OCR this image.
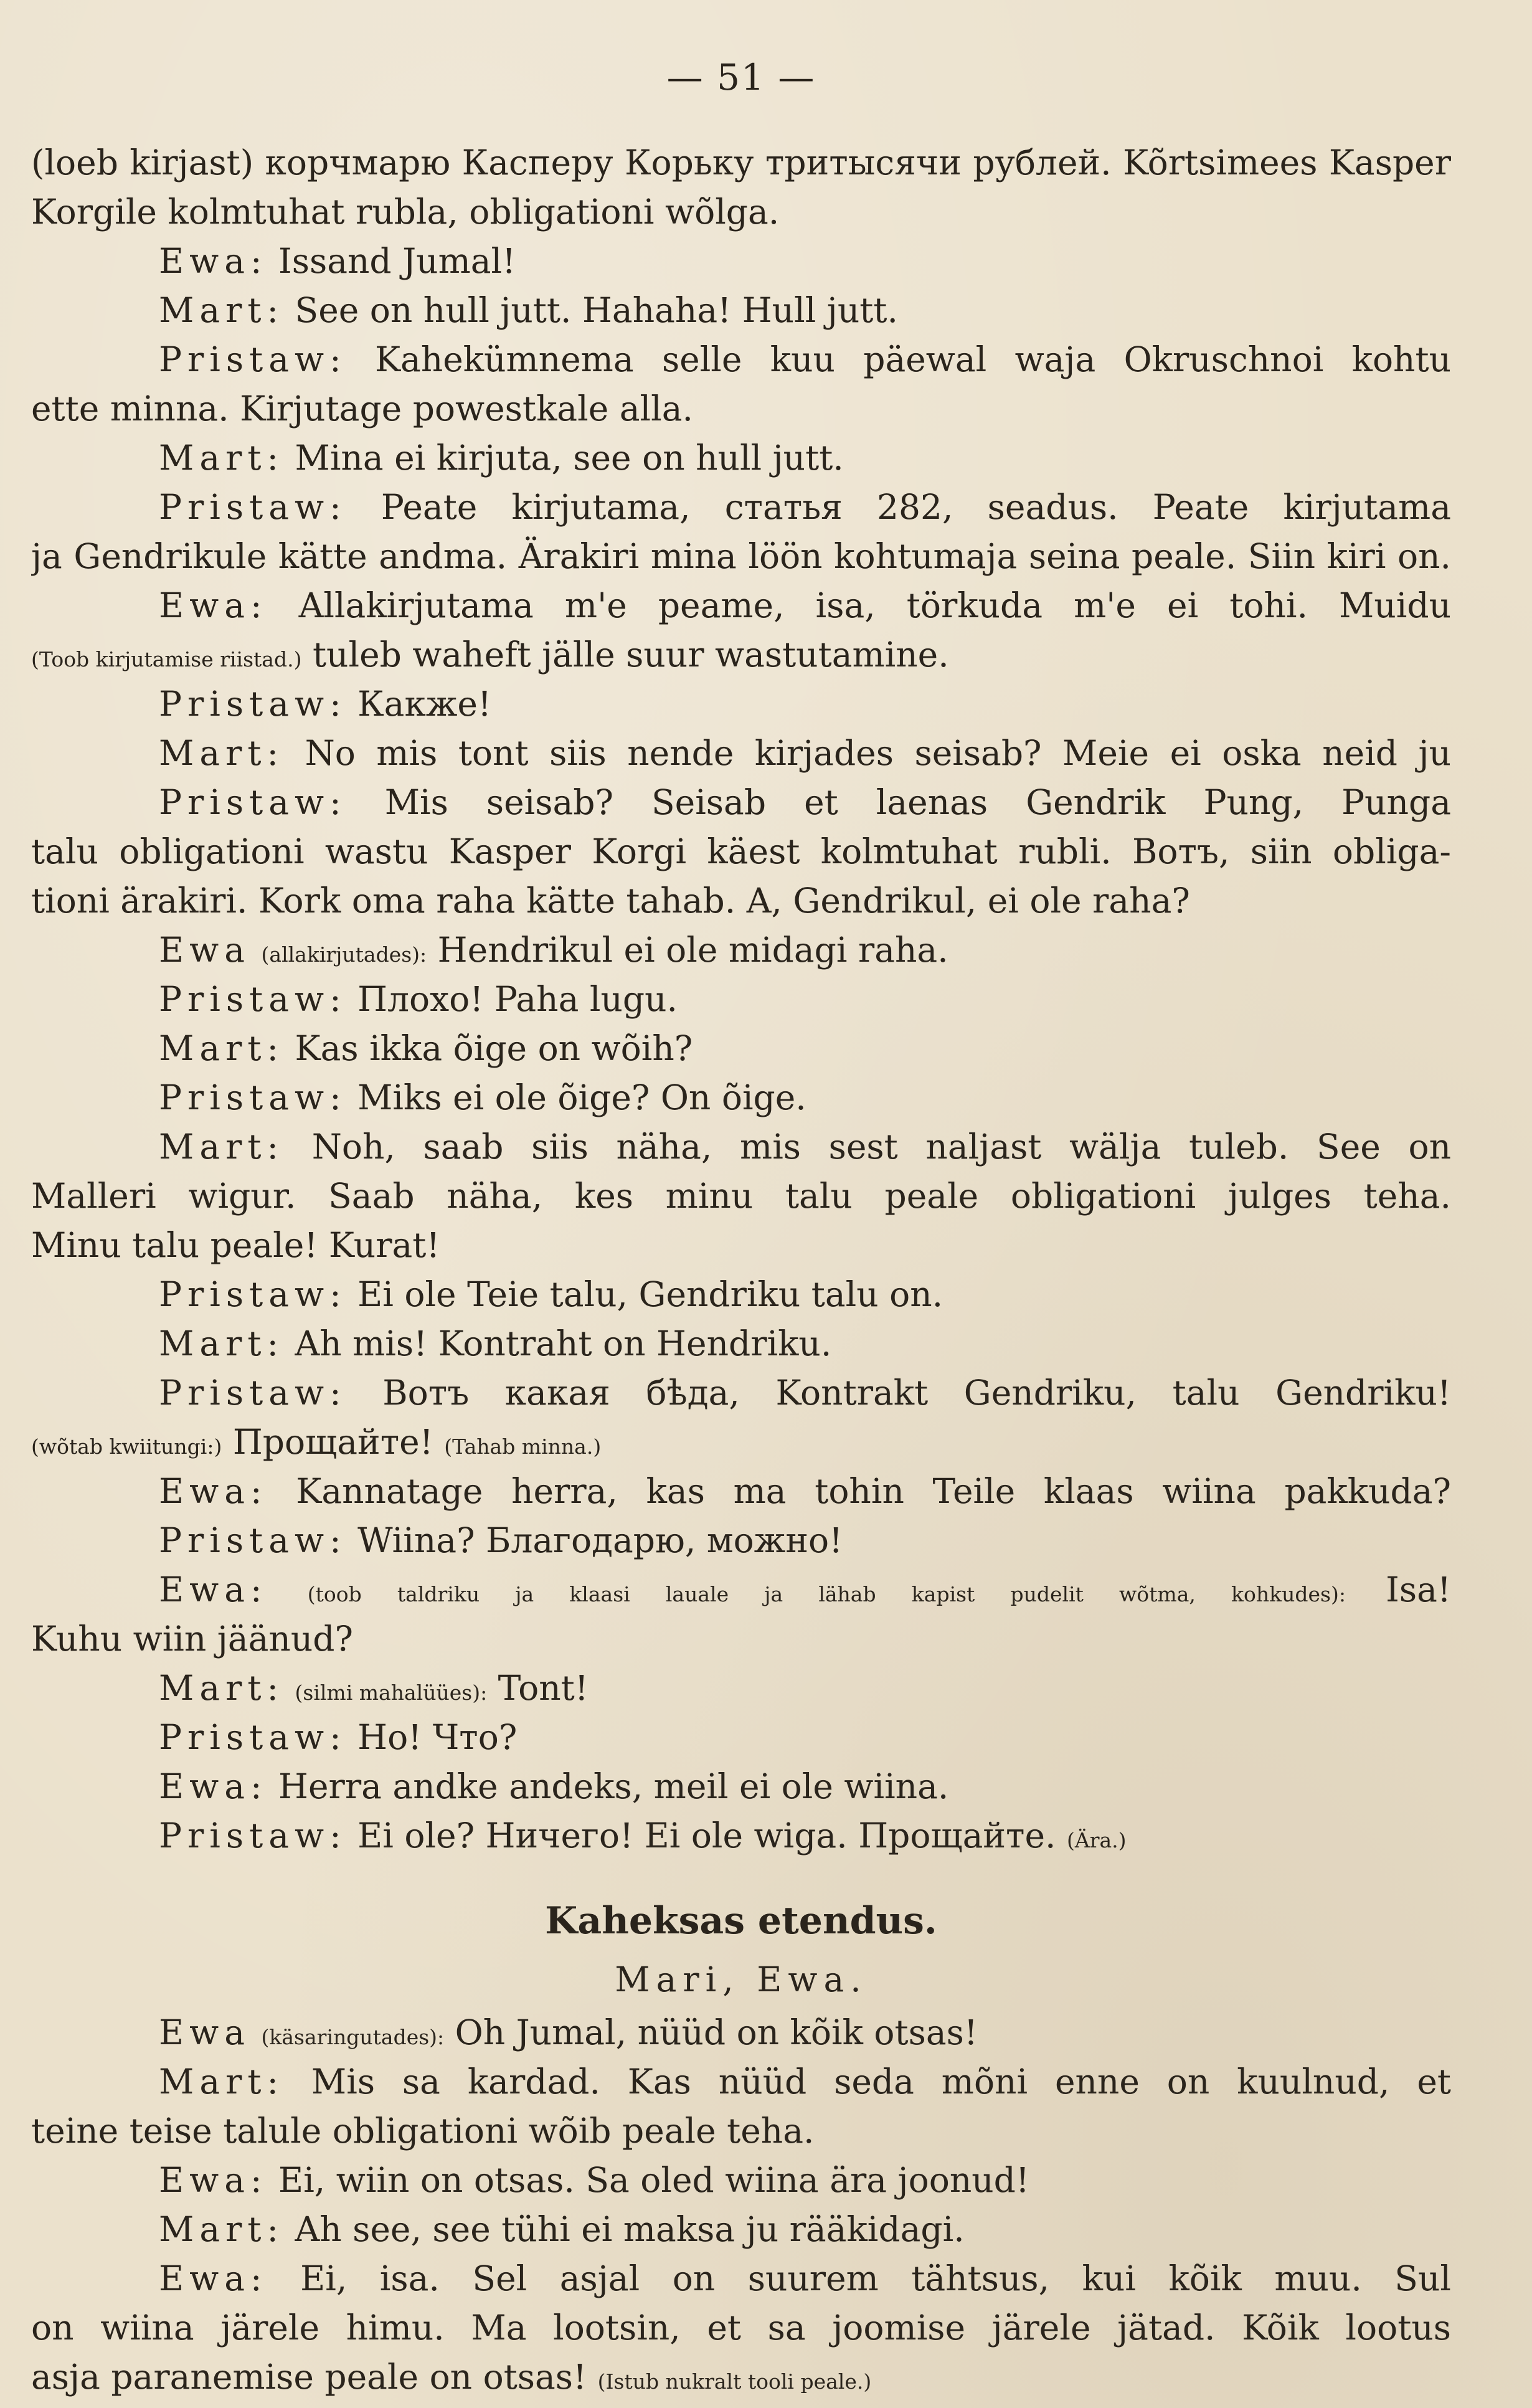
— 51 —
(loeb kirjast) корчмарю Касперу Корьку тритысячи рублей. Kõrtsimees Kasper
Korgile kolmtuhat rubla, obligationi wõlga.
Ewa: Issand Jumal!
Mart: See on hull jutt. Hahaha! Hull jutt.
Pristaw: Kahekümnema selle kuu päewal waja Okruschnoi kohtu
ette minna. Kirjutage powestkale alla.
Mart: Mina ei kirjuta, see on hull jutt.
Pristaw: Peate kirjutama, статья 282, seadus. Peate kirjutama
ja Gendrikule kätte andma. Ärakiri mina löön kohtumaja seina peale. Siin kiri on.
Ewa: Allakirjutama m'e peame, isa, törkuda m'e ei tohi. Muidu
(Toob kirjutamise riistad.) tuleb waheft jälle suur wastutamine.
Pristaw: Какже!
Mart: No mis tont siis nende kirjades seisab? Meie ei oska neid ju
Pristaw: Mis seisab? Seisab et laenas Gendrik Pung, Punga
talu obligationi wastu Kasper Korgi käest kolmtuhat rubli. Вотъ, siin obliga-
tioni ärakiri. Kork oma raha kätte tahab. A, Gendrikul, ei ole raha?
Ewa (allakirjutades): Hendrikul ei ole midagi raha.
Pristaw: Плохо! Paha lugu.
Mart: Kas ikka õige on wõih?
Pristaw: Miks ei ole õige? On õige.
Mart: Noh, saab siis näha, mis sest naljast wälja tuleb. See on
Malleri wigur. Saab näha, kes minu talu peale obligationi julges teha.
Minu talu peale! Kurat!
Pristaw: Ei ole Teie talu, Gendriku talu on.
Mart: Ah mis! Kontraht on Hendriku.
Pristaw: Вотъ какая бѣда, Kontrakt Gendriku, talu Gendriku!
(wõtab kwiitungi:) Прощайте! (Tahab minna.)
Ewa: Kannatage herra, kas ma tohin Teile klaas wiina pakkuda?
Pristaw: Wiina? Благодарю, можно!
Ewa: (toob taldriku ja klaasi lauale ja lähab kapist pudelit wõtma, kohkudes): Isa!
Kuhu wiin jäänud?
Mart: (silmi mahalüües): Tont!
Pristaw: Но! Что?
Ewa: Herra andke andeks, meil ei ole wiina.
Pristaw: Ei ole? Ничего! Ei ole wiga. Прощайте. (Ära.)
Kaheksas etendus.
Mari, Ewa.
Ewa (käsaringutades): Oh Jumal, nüüd on kõik otsas!
Mart: Mis sa kardad. Kas nüüd seda mõni enne on kuulnud, et
teine teise talule obligationi wõib peale teha.
Ewa: Ei, wiin on otsas. Sa oled wiina ära joonud!
Mart: Ah see, see tühi ei maksa ju rääkidagi.
Ewa: Ei, isa. Sel asjal on suurem tähtsus, kui kõik muu. Sul
on wiina järele himu. Ma lootsin, et sa joomise järele jätad. Kõik lootus
asja paranemise peale on otsas! (Istub nukralt tooli peale.)
